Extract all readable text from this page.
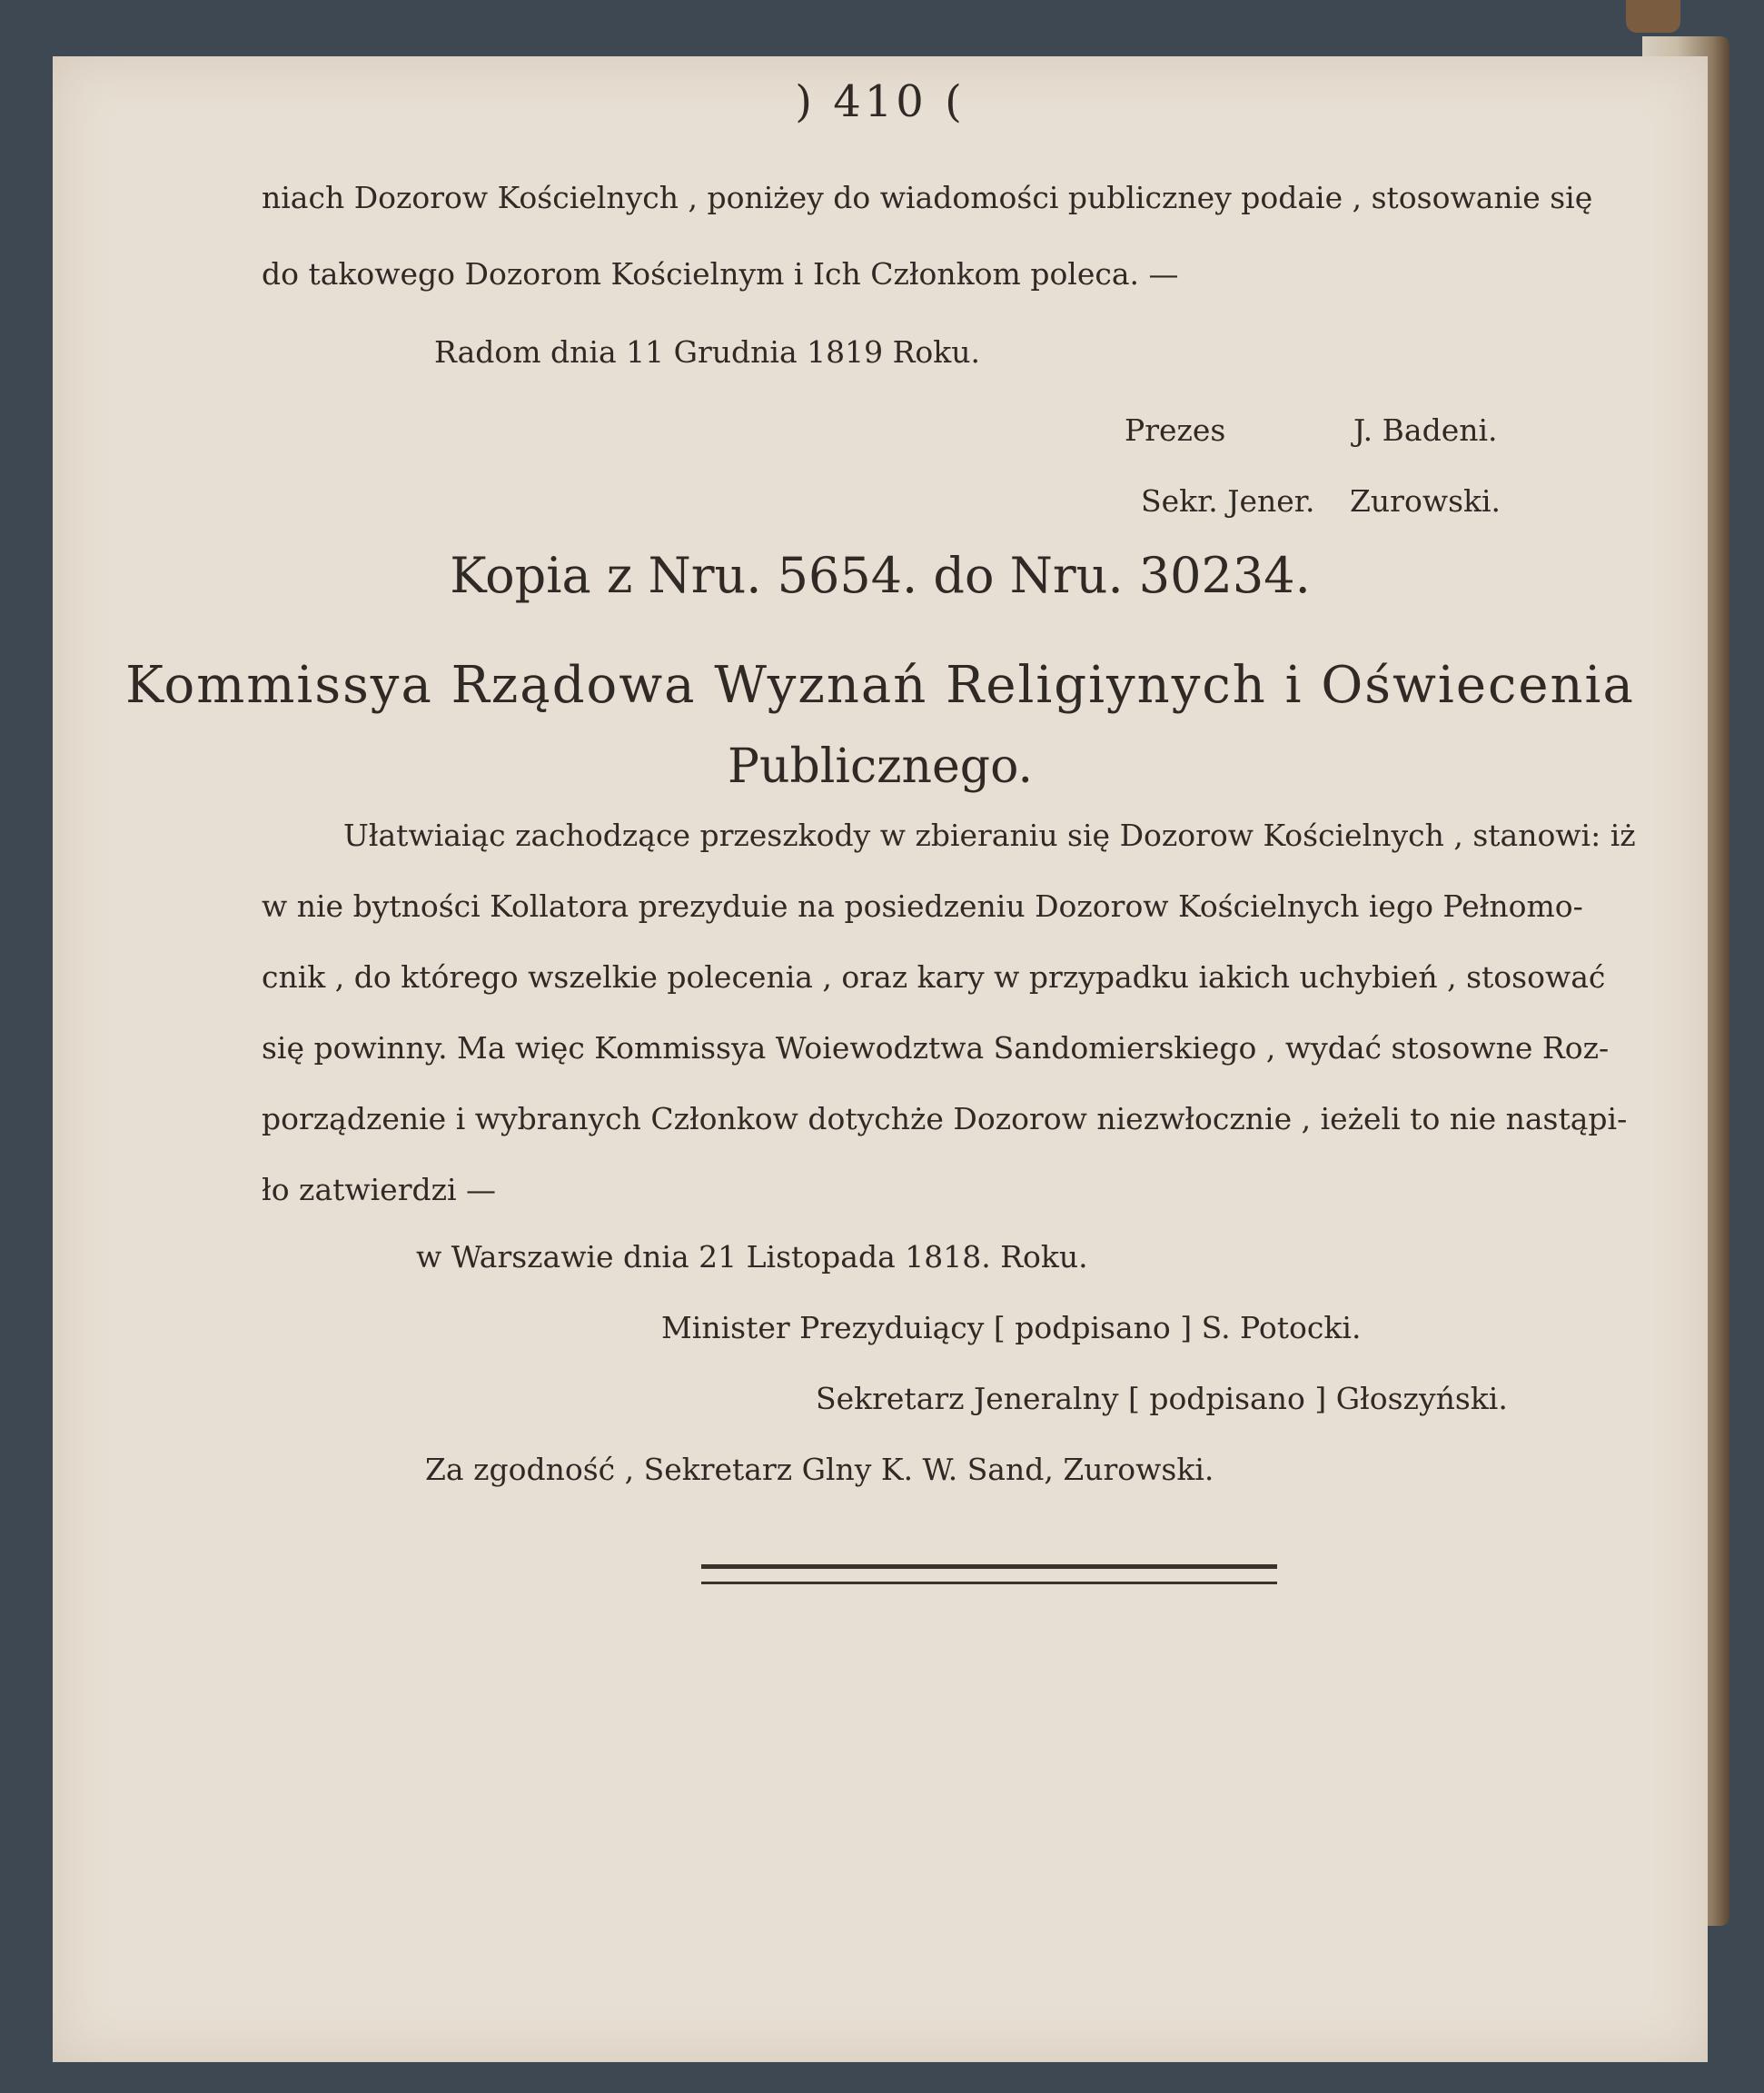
) 410 (
niach Dozorow Kościelnych , poniżey do wiadomości publiczney podaie , stosowanie się
do takowego Dozorom Kościelnym i Ich Członkom poleca. —
Radom dnia 11 Grudnia 1819 Roku.
Prezes	J. Badeni.
Sekr. Jener. Zurowski.
Kopia z Nru. 5654. do Nru. 30234.
Kommissya Rządowa Wyznań Religiynych i Oświecenia
Publicznego.
Ułatwiaiąc zachodzące przeszkody w zbieraniu się Dozorow Kościelnych , stanowi: iż
w nie bytności Kollatora prezyduie na posiedzeniu Dozorow Kościelnych iego Pełnomo-
cnik , do którego wszelkie polecenia , oraz kary w przypadku iakich uchybień , stosować
się powinny. Ma więc Kommissya Woiewodztwa Sandomierskiego , wydać stosowne Roz-
porządzenie i wybranych Członkow dotychże Dozorow niezwłocznie , ieżeli to nie nastąpi-
ło zatwierdzi —
w Warszawie dnia 21 Listopada 1818. Roku.
Minister Prezyduiący [ podpisano ] S. Potocki.
Sekretarz Jeneralny [ podpisano ] Głoszyński.
Za zgodność , Sekretarz Glny K. W. Sand, Zurowski.
